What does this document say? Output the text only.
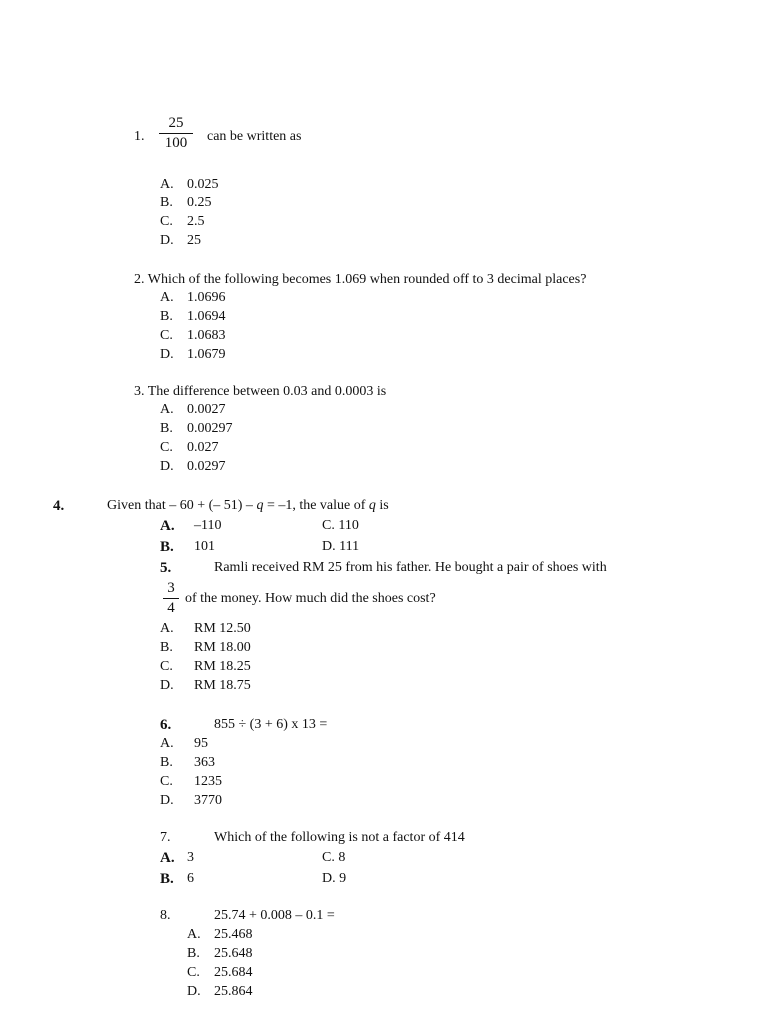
1.
25
100	can be written as
A. 0.025
B. 0.25
C. 2.5
D. 25
2. Which of the following becomes 1.069 when rounded off to 3 decimal places?
A. 1.0696
B. 1.0694
C. 1.0683
D. 1.0679
3. The difference between 0.03 and 0.0003 is
A. 0.0027
B. 0.00297
C. 0.027
D. 0.0297
4.	Given that – 60 + (– 51) – q = –1, the value of q is
A. –110	C. 110
B. 101	D. 111
5.	Ramli received RM 25 from his father. He bought a pair of shoes with
3
4
of the money. How much did the shoes cost?
A. RM 12.50
B. RM 18.00
C. RM 18.25
D. RM 18.75
6.	855 ÷ (3 + 6) x 13 =
A. 95
B. 363
C. 1235
D. 3770
7.	Which of the following is not a factor of 414
A. 3	C. 8
B. 6	D. 9
8.	25.74 + 0.008 – 0.1 =
A. 25.468
B. 25.648
C. 25.684
D. 25.864
